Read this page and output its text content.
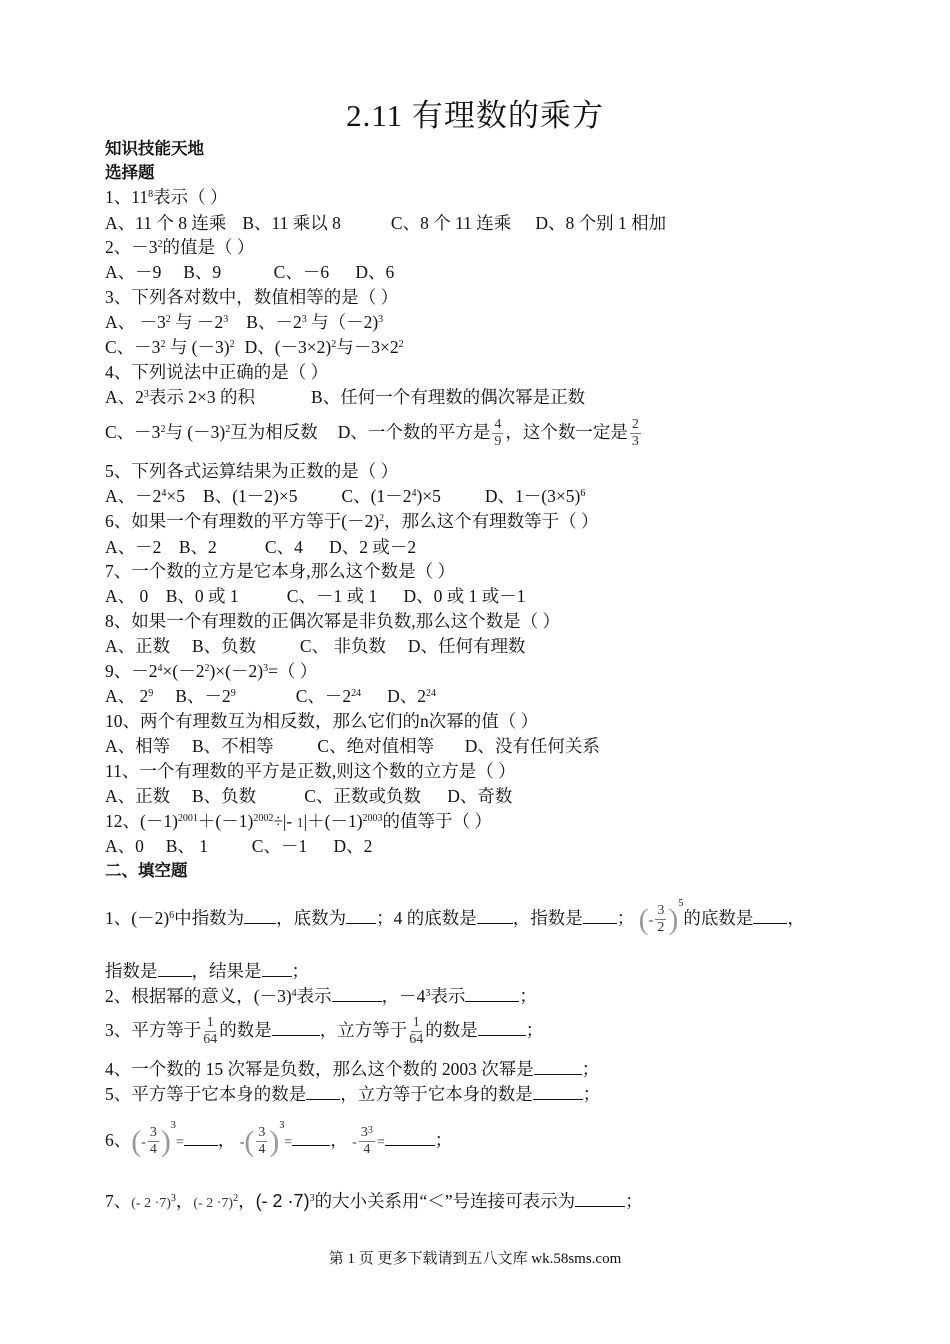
2.11 有理数的乘方
知识技能天地
选择题
1、$11^8$表示（ ）
A、11 个 8 连乘 B、11 乘以 8	C、8 个 11 连乘 D、8 个别 1 相加
2、$-3^2$的值是（ ）
A、－9     B、9            C、－6      D、6
3、下列各对数中，数值相等的是（ ）
A、 $-3^2$ 与 $-2^3$ B、$-2^3$ 与（－2)$^3$
C、$-3^2$ 与 $(-3)^2$ D、$(-3\times 2)^2$与$-3\times 2^2$
4、下列说法中正确的是（ ）
A、$2^3$表示 2×3 的积	B、任何一个有理数的偶次幂是正数
C、$-3^2$与 $(-3)^2$互为相反数 D、一个数的平方是 $\frac{4}{9}$ ，这个数一定是 $\frac{2}{3}$
5、下列各式运算结果为正数的是（ ）
A、$-2^4\times 5$ B、(1－2)×5	C、$(1-2^4)\times 5$	D、$1-(3\times 5)^6$
6、如果一个有理数的平方等于$(-2)^2$，那么这个有理数等于（ ）
A、－2    B、2           C、4      D、2 或－2
7、一个数的立方是它本身,那么这个数是（ ）
A、 0    B、0 或 1           C、－1 或 1      D、0 或 1 或－1
8、如果一个有理数的正偶次幂是非负数,那么这个数是（ ）
A、正数     B、负数          C、 非负数     D、任何有理数
9、$-2^4\times(-2^2)\times(-2)^3=$（ ）
A、 $2^9$ B、$-2^9$	C、$-2^{24}$ D、$2^{24}$
10、两个有理数互为相反数，那么它们的n次幂的值（ ）
A、相等     B、不相等          C、绝对值相等       D、没有任何关系
11、一个有理数的平方是正数,则这个数的立方是（ ）
A、正数     B、负数           C、正数或负数      D、奇数
12、$(-1)^{2001}+(-1)^{2002}\div|-$ $1|+(-1)^{2003}$的值等于（ ）
A、0     B、 1          C、－1      D、2
二、填空题
1、$(-2)^6$中指数为 ，底数为 ；4 的底数是 ，指数是 ； (- $\frac{3}{2} )^5$的底数是 ，
指数是 ，结果是 ；
2、根据幂的意义，$(-3)^4$表示	，$-4^3$表示	；
3、平方等于 $\frac{1}{64}$ 的数是	，立方等于 $\frac{1}{64}$ 的数是	；
4、一个数的 15 次幂是负数，那么这个数的 2003 次幂是	；
5、平方等于它本身的数是 ，立方等于它本身的数是	；
6、(- $\frac{3}{4} )^3=$ ， -( $\frac{3}{4} )^3=$ ， - $\frac{3^3}{4}$ =	；
7、(- 2 ·7)$^3$，(- 2 ·7)$^2$，(- 2 ·7)$^3$的大小关系用“＜”号连接可表示为	；
第 1 页 更多下载请到五八文库 wk.58sms.com
